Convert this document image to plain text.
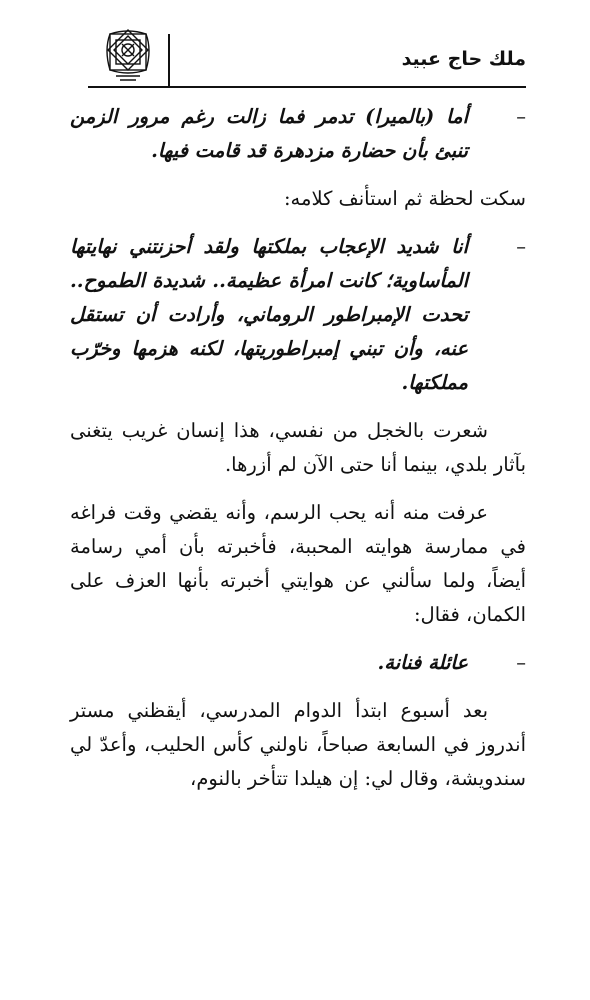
ملك حاج عبيد

–
أما (بالميرا) تدمر فما زالت رغم مرور الزمن تنبئ بأن حضارة مزدهرة قد قامت فيها.

سكت لحظة ثم استأنف كلامه:

–
أنا شديد الإعجاب بملكتها ولقد أحزنتني نهايتها المأساوية؛ كانت امرأة عظيمة.. شديدة الطموح.. تحدت الإمبراطور الروماني، وأرادت أن تستقل عنه، وأن تبني إمبراطوريتها، لكنه هزمها وخرّب مملكتها.

شعرت بالخجل من نفسي، هذا إنسان غريب يتغنى بآثار بلدي، بينما أنا حتى الآن لم أزرها.

عرفت منه أنه يحب الرسم، وأنه يقضي وقت فراغه في ممارسة هوايته المحببة، فأخبرته بأن أمي رسامة أيضاً، ولما سألني عن هوايتي أخبرته بأنها العزف على الكمان، فقال:

–
عائلة فنانة.

بعد أسبوع ابتدأ الدوام المدرسي، أيقظني مستر أندروز في السابعة صباحاً، ناولني كأس الحليب، وأعدّ لي سندويشة، وقال لي: إن هيلدا تتأخر بالنوم،
